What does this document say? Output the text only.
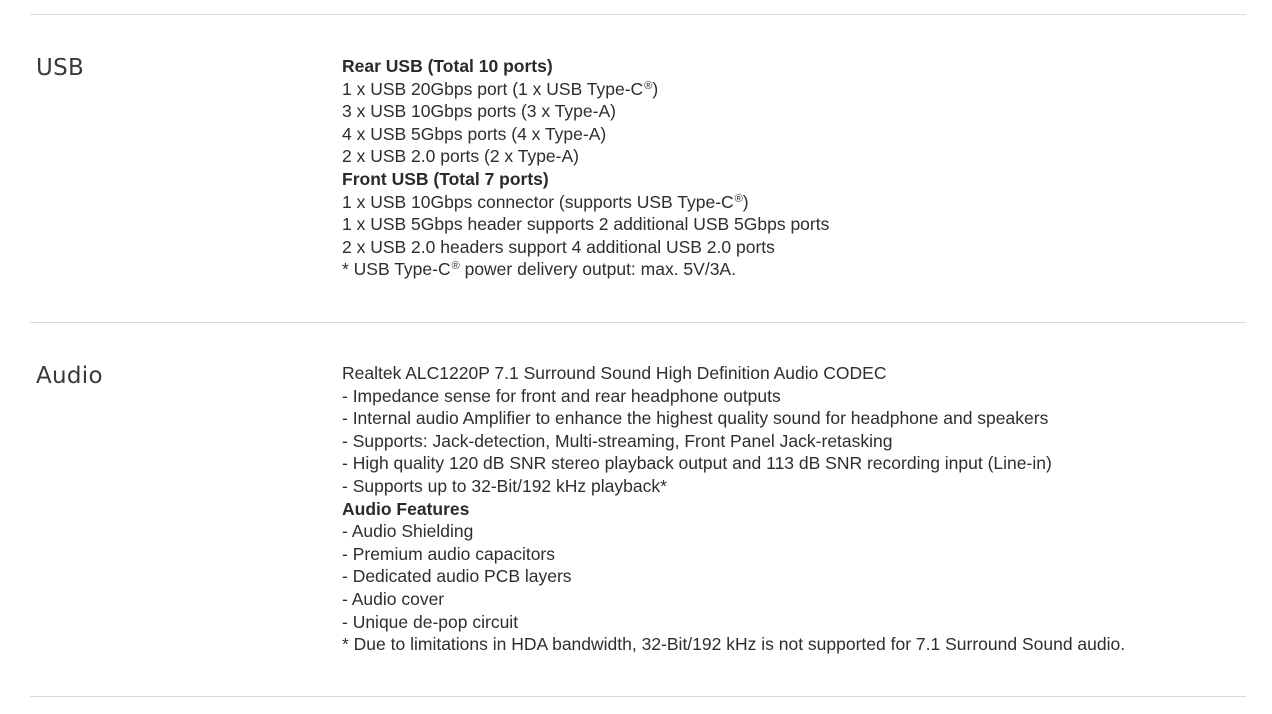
USB	Rear USB (Total 10 ports)
1 x USB 20Gbps port (1 x USB Type-C®)
3 x USB 10Gbps ports (3 x Type-A)
4 x USB 5Gbps ports (4 x Type-A)
2 x USB 2.0 ports (2 x Type-A)
Front USB (Total 7 ports)
1 x USB 10Gbps connector (supports USB Type-C®)
1 x USB 5Gbps header supports 2 additional USB 5Gbps ports
2 x USB 2.0 headers support 4 additional USB 2.0 ports
* USB Type-C® power delivery output: max. 5V/3A.
Audio	Realtek ALC1220P 7.1 Surround Sound High Definition Audio CODEC
- Impedance sense for front and rear headphone outputs
- Internal audio Amplifier to enhance the highest quality sound for headphone and speakers
- Supports: Jack-detection, Multi-streaming, Front Panel Jack-retasking
- High quality 120 dB SNR stereo playback output and 113 dB SNR recording input (Line-in)
- Supports up to 32-Bit/192 kHz playback*
Audio Features
- Audio Shielding
- Premium audio capacitors
- Dedicated audio PCB layers
- Audio cover
- Unique de-pop circuit
* Due to limitations in HDA bandwidth, 32-Bit/192 kHz is not supported for 7.1 Surround Sound audio.
